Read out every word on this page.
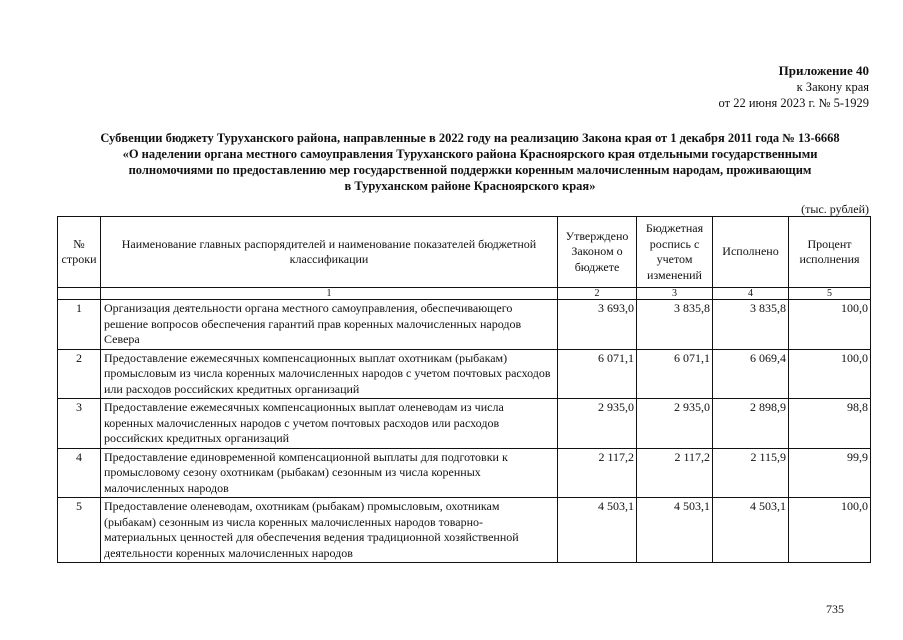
Приложение 40
к Закону края
от 22 июня 2023 г. № 5-1929
Субвенции бюджету Туруханского района, направленные в 2022 году на реализацию Закона края от 1 декабря 2011 года № 13-6668
«О наделении органа местного самоуправления Туруханского района Красноярского края отдельными государственными
полномочиями по предоставлению мер государственной поддержки коренным малочисленным народам, проживающим
в Туруханском районе Красноярского края»
(тыс. рублей)
№ строки	Наименование главных распорядителей и наименование показателей бюджетной классификации	Утверждено Законом о бюджете	Бюджетная роспись с учетом изменений	Исполнено	Процент исполнения
	1	2	3	4	5
1	Организация деятельности органа местного самоуправления, обеспечивающего решение вопросов обеспечения гарантий прав коренных малочисленных народов Севера	3 693,0	3 835,8	3 835,8	100,0
2	Предоставление ежемесячных компенсационных выплат охотникам (рыбакам) промысловым из числа коренных малочисленных народов с учетом почтовых расходов или расходов российских кредитных организаций	6 071,1	6 071,1	6 069,4	100,0
3	Предоставление ежемесячных компенсационных выплат оленеводам из числа коренных малочисленных народов с учетом почтовых расходов или расходов российских кредитных организаций	2 935,0	2 935,0	2 898,9	98,8
4	Предоставление единовременной компенсационной выплаты для подготовки к промысловому сезону охотникам (рыбакам) сезонным из числа коренных малочисленных народов	2 117,2	2 117,2	2 115,9	99,9
5	Предоставление оленеводам, охотникам (рыбакам) промысловым, охотникам (рыбакам) сезонным из числа коренных малочисленных народов товарно-материальных ценностей для обеспечения ведения традиционной хозяйственной деятельности коренных малочисленных народов	4 503,1	4 503,1	4 503,1	100,0
735
